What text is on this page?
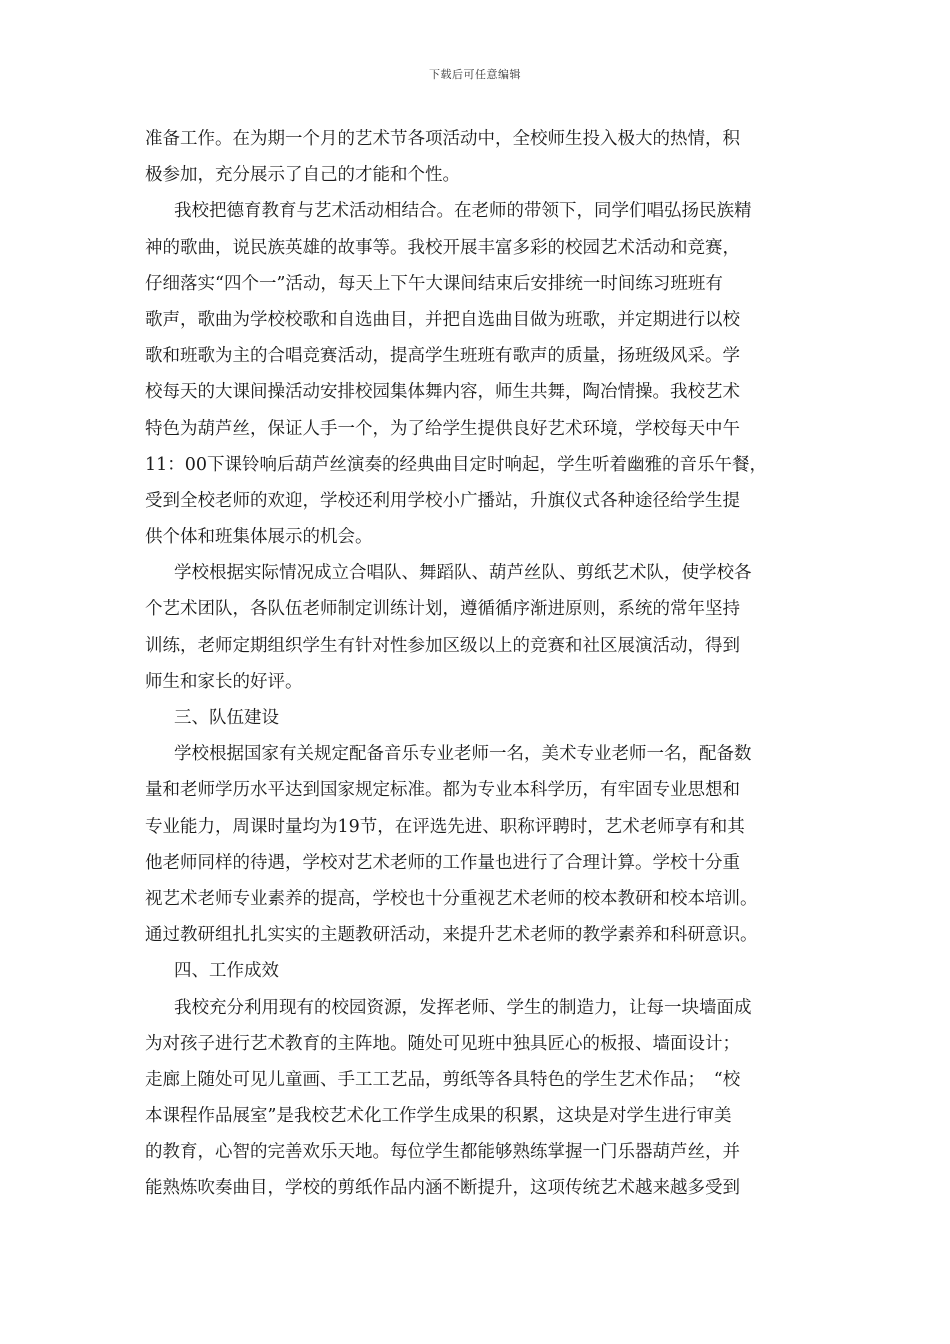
下载后可任意编辑
准备工作。在为期一个月的艺术节各项活动中，全校师生投入极大的热情，积
极参加，充分展示了自己的才能和个性。
我校把德育教育与艺术活动相结合。在老师的带领下，同学们唱弘扬民族精
神的歌曲，说民族英雄的故事等。我校开展丰富多彩的校园艺术活动和竞赛，
仔细落实“四个一”活动，每天上下午大课间结束后安排统一时间练习班班有
歌声，歌曲为学校校歌和自选曲目，并把自选曲目做为班歌，并定期进行以校
歌和班歌为主的合唱竞赛活动，提高学生班班有歌声的质量，扬班级风采。学
校每天的大课间操活动安排校园集体舞内容，师生共舞，陶冶情操。我校艺术
特色为葫芦丝，保证人手一个，为了给学生提供良好艺术环境，学校每天中午
11：00下课铃响后葫芦丝演奏的经典曲目定时响起，学生听着幽雅的音乐午餐，
受到全校老师的欢迎，学校还利用学校小广播站，升旗仪式各种途径给学生提
供个体和班集体展示的机会。
学校根据实际情况成立合唱队、舞蹈队、葫芦丝队、剪纸艺术队，使学校各
个艺术团队，各队伍老师制定训练计划，遵循循序渐进原则，系统的常年坚持
训练，老师定期组织学生有针对性参加区级以上的竞赛和社区展演活动，得到
师生和家长的好评。
三、队伍建设
学校根据国家有关规定配备音乐专业老师一名，美术专业老师一名，配备数
量和老师学历水平达到国家规定标准。都为专业本科学历，有牢固专业思想和
专业能力，周课时量均为19节，在评选先进、职称评聘时，艺术老师享有和其
他老师同样的待遇，学校对艺术老师的工作量也进行了合理计算。学校十分重
视艺术老师专业素养的提高，学校也十分重视艺术老师的校本教研和校本培训。
通过教研组扎扎实实的主题教研活动，来提升艺术老师的教学素养和科研意识。
四、工作成效
我校充分利用现有的校园资源，发挥老师、学生的制造力，让每一块墙面成
为对孩子进行艺术教育的主阵地。随处可见班中独具匠心的板报、墙面设计；
走廊上随处可见儿童画、手工工艺品，剪纸等各具特色的学生艺术作品；　“校
本课程作品展室”是我校艺术化工作学生成果的积累，这块是对学生进行审美
的教育，心智的完善欢乐天地。每位学生都能够熟练掌握一门乐器葫芦丝，并
能熟炼吹奏曲目，学校的剪纸作品内涵不断提升，这项传统艺术越来越多受到
